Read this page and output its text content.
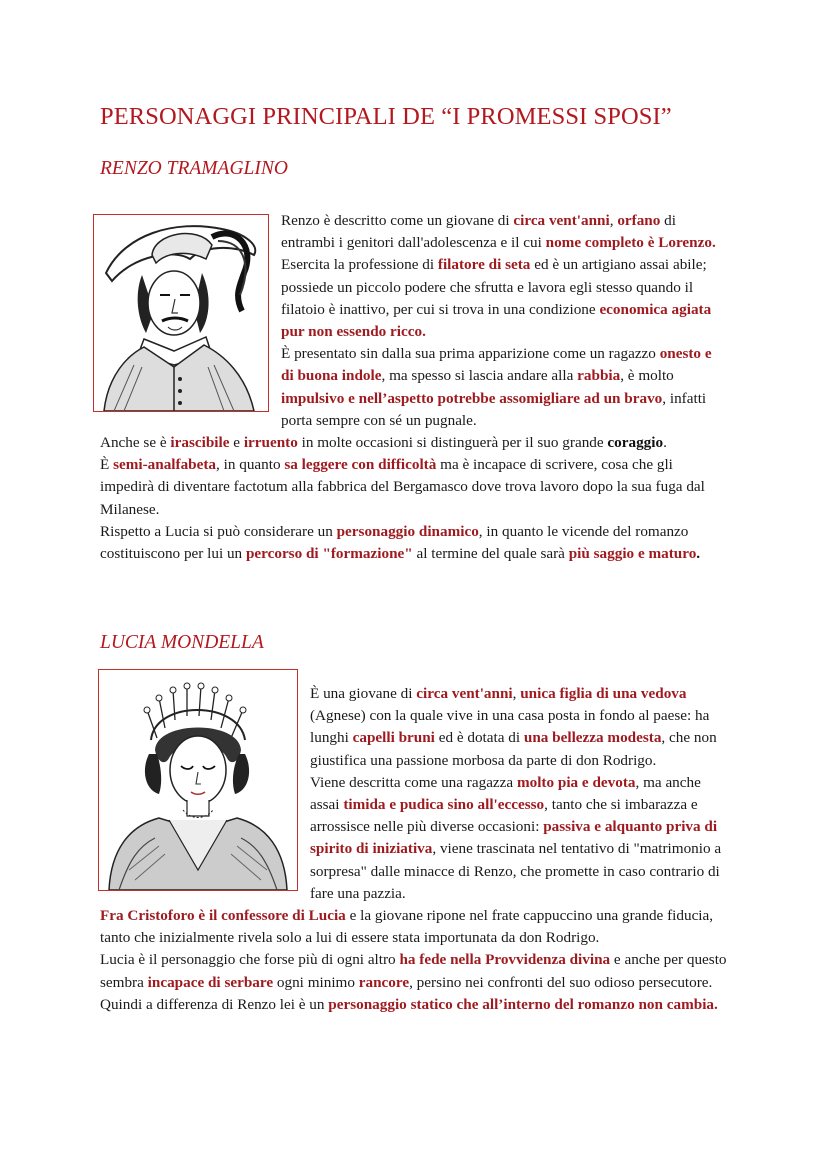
PERSONAGGI PRINCIPALI DE “I PROMESSI SPOSI”
RENZO TRAMAGLINO

Renzo è descritto come un giovane di circa vent'anni, orfano di entrambi i genitori dall'adolescenza e il cui nome completo è Lorenzo. Esercita la professione di filatore di seta ed è un artigiano assai abile; possiede un piccolo podere che sfrutta e lavora egli stesso quando il filatoio è inattivo, per cui si trova in una condizione economica agiata pur non essendo ricco.

È presentato sin dalla sua prima apparizione come un ragazzo onesto e di buona indole, ma spesso si lascia andare alla rabbia, è molto impulsivo e nell’aspetto potrebbe assomigliare ad un bravo, infatti porta sempre con sé un pugnale.

Anche se è irascibile e irruento in molte occasioni si distinguerà per il suo grande coraggio.

È semi-analfabeta, in quanto sa leggere con difficoltà ma è incapace di scrivere, cosa che gli impedirà di diventare factotum alla fabbrica del Bergamasco dove trova lavoro dopo la sua fuga dal Milanese.

Rispetto a Lucia si può considerare un personaggio dinamico, in quanto le vicende del romanzo costituiscono per lui un percorso di "formazione" al termine del quale sarà più saggio e maturo.

LUCIA MONDELLA

È una giovane di circa vent'anni, unica figlia di una vedova (Agnese) con la quale vive in una casa posta in fondo al paese: ha lunghi capelli bruni ed è dotata di una bellezza modesta, che non giustifica una passione morbosa da parte di don Rodrigo.

Viene descritta come una ragazza molto pia e devota, ma anche assai timida e pudica sino all'eccesso, tanto che si imbarazza e arrossisce nelle più diverse occasioni: passiva e alquanto priva di spirito di iniziativa, viene trascinata nel tentativo di "matrimonio a sorpresa" dalle minacce di Renzo, che promette in caso contrario di fare una pazzia.

Fra Cristoforo è il confessore di Lucia e la giovane ripone nel frate cappuccino una grande fiducia, tanto che inizialmente rivela solo a lui di essere stata importunata da don Rodrigo.

Lucia è il personaggio che forse più di ogni altro ha fede nella Provvidenza divina e anche per questo sembra incapace di serbare ogni minimo rancore, persino nei confronti del suo odioso persecutore. Quindi a differenza di Renzo lei è un personaggio statico che all’interno del romanzo non cambia.
